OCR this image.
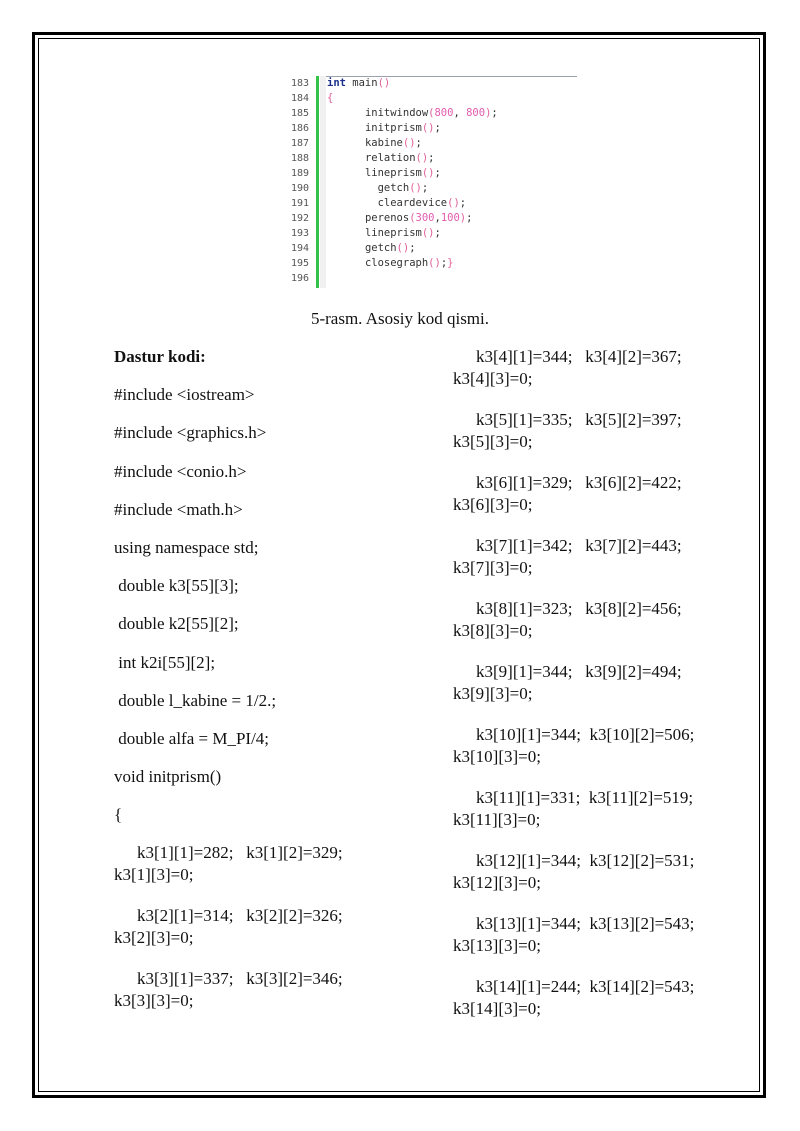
183
184
185
186
187
188
189
190
191
192
193
194
195
196
int main()
{
initwindow(800, 800);
initprism();
kabine();
relation();
lineprism();
getch();
cleardevice();
perenos(300,100);
lineprism();
getch();
closegraph();}
5-rasm. Asosiy kod qismi.

Dastur kodi:

#include <iostream>

#include <graphics.h>

#include <conio.h>

#include <math.h>

using namespace std;

double k3[55][3];

double k2[55][2];

int k2i[55][2];

double l_kabine = 1/2.;

double alfa = M_PI/4;

void initprism()

{

k3[1][1]=282;   k3[1][2]=329;

k3[1][3]=0;

k3[2][1]=314;   k3[2][2]=326;

k3[2][3]=0;

k3[3][1]=337;   k3[3][2]=346;

k3[3][3]=0;

k3[4][1]=344;   k3[4][2]=367;

k3[4][3]=0;

k3[5][1]=335;   k3[5][2]=397;

k3[5][3]=0;

k3[6][1]=329;   k3[6][2]=422;

k3[6][3]=0;

k3[7][1]=342;   k3[7][2]=443;

k3[7][3]=0;

k3[8][1]=323;   k3[8][2]=456;

k3[8][3]=0;

k3[9][1]=344;   k3[9][2]=494;

k3[9][3]=0;

k3[10][1]=344;  k3[10][2]=506;

k3[10][3]=0;

k3[11][1]=331;  k3[11][2]=519;

k3[11][3]=0;

k3[12][1]=344;  k3[12][2]=531;

k3[12][3]=0;

k3[13][1]=344;  k3[13][2]=543;

k3[13][3]=0;

k3[14][1]=244;  k3[14][2]=543;

k3[14][3]=0;
